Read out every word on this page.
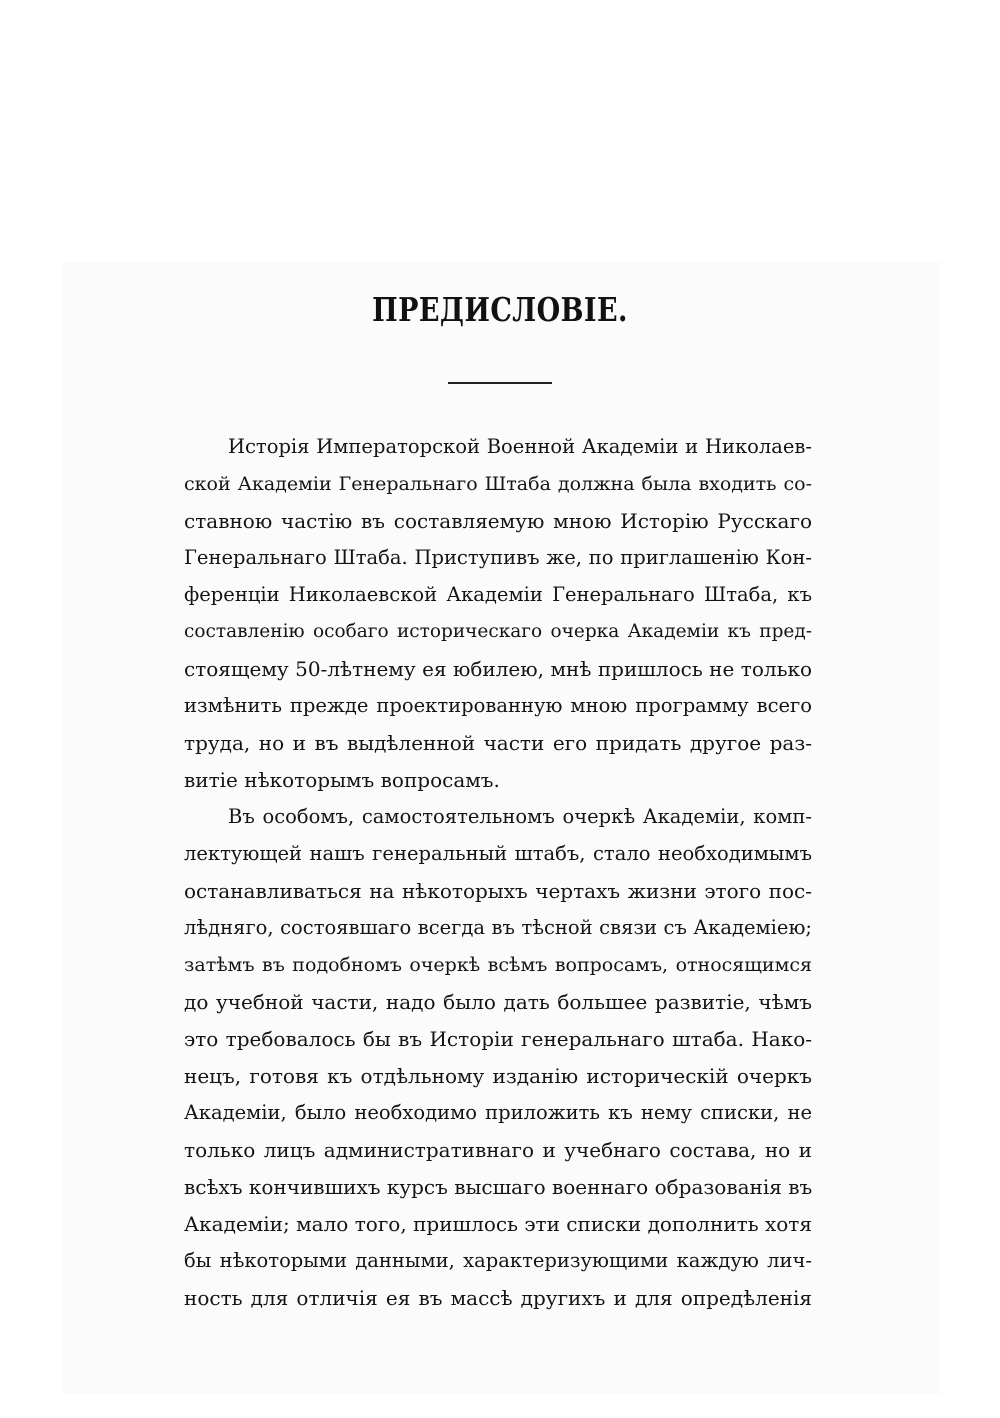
ПРЕДИСЛОВІЕ.
Исторія Императорской Военной Академіи и Николаев-
ской Академіи Генеральнаго Штаба должна была входить со-
ставною частію въ составляемую мною Исторію Русскаго
Генеральнаго Штаба. Приступивъ же, по приглашенію Кон-
ференціи Николаевской Академіи Генеральнаго Штаба, къ
составленію особаго историческаго очерка Академіи къ пред-
стоящему 50-лѣтнему ея юбилею, мнѣ пришлось не только
измѣнить прежде проектированную мною программу всего
труда, но и въ выдѣленной части его придать другое раз-
витіе нѣкоторымъ вопросамъ.
Въ особомъ, самостоятельномъ очеркѣ Академіи, комп-
лектующей нашъ генеральный штабъ, стало необходимымъ
останавливаться на нѣкоторыхъ чертахъ жизни этого пос-
лѣдняго, состоявшаго всегда въ тѣсной связи съ Академіею;
затѣмъ въ подобномъ очеркѣ всѣмъ вопросамъ, относящимся
до учебной части, надо было дать большее развитіе, чѣмъ
это требовалось бы въ Исторіи генеральнаго штаба. Нако-
нецъ, готовя къ отдѣльному изданію историческій очеркъ
Академіи, было необходимо приложить къ нему списки, не
только лицъ административнаго и учебнаго состава, но и
всѣхъ кончившихъ курсъ высшаго военнаго образованія въ
Академіи; мало того, пришлось эти списки дополнить хотя
бы нѣкоторыми данными, характеризующими каждую лич-
ность для отличія ея въ массѣ другихъ и для опредѣленія
